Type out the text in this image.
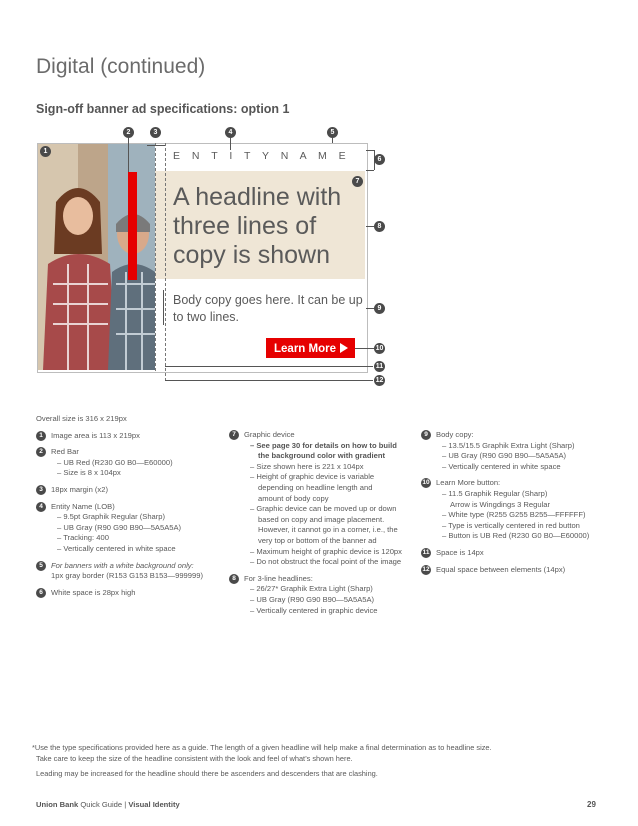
Digital (continued)
Sign-off banner ad specifications: option 1
E N T I T Y N A M E
A headline with three lines of copy is shown
Body copy goes here. It can be up to two lines.
Learn More
1
2	3	4	5
6
7
8
9
10
11
12
Overall size is 316 x 219px
1	Image area is 113 x 219px
2	Red Bar
– UB Red (R230 G0 B0—E60000)
– Size is 8 x 104px
3	18px margin (x2)
4	Entity Name (LOB)
– 9.5pt Graphik Regular (Sharp)
– UB Gray (R90 G90 B90—5A5A5A)
– Tracking: 400
– Vertically centered in white space
5	For banners with a white background only:
1px gray border (R153 G153 B153—999999)
6	White space is 28px high
7	Graphic device
– See page 30 for details on how to build
the background color with gradient
– Size shown here is 221 x 104px
– Height of graphic device is variable
depending on headline length and
amount of body copy
– Graphic device can be moved up or down
based on copy and image placement.
However, it cannot go in a corner, i.e., the
very top or bottom of the banner ad
– Maximum height of graphic device is 120px
– Do not obstruct the focal point of the image
8	For 3-line headlines:
– 26/27* Graphik Extra Light (Sharp)
– UB Gray (R90 G90 B90—5A5A5A)
– Vertically centered in graphic device
9	Body copy:
– 13.5/15.5 Graphik Extra Light (Sharp)
– UB Gray (R90 G90 B90—5A5A5A)
– Vertically centered in white space
10 Learn More button:
– 11.5 Graphik Regular (Sharp)
Arrow is Wingdings 3 Regular
– White type (R255 G255 B255—FFFFFF)
– Type is vertically centered in red button
– Button is UB Red (R230 G0 B0—E60000)
11 Space is 14px
12 Equal space between elements (14px)
*Use the type specifications provided here as a guide. The length of a given headline will help make a final determination as to headline size.
Take care to keep the size of the headline consistent with the look and feel of what’s shown here.
Leading may be increased for the headline should there be ascenders and descenders that are clashing.
Union Bank Quick Guide | Visual Identity	29
